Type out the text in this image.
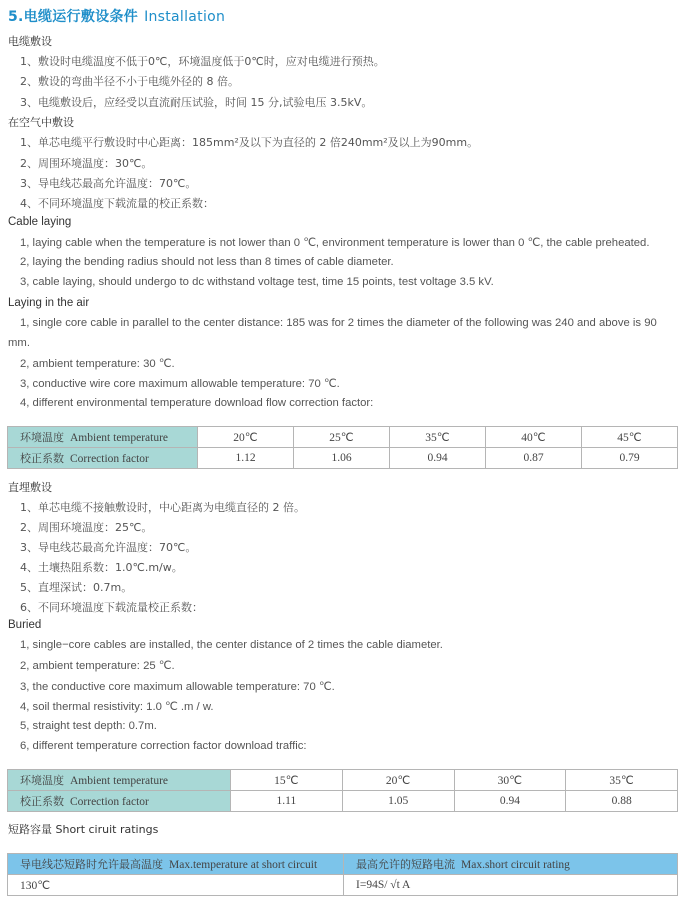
5.电缆运行敷设条件 Installation
电缆敷设
1、敷设时电缆温度不低于0℃，环境温度低于0℃时，应对电缆进行预热。
2、敷设的弯曲半径不小于电缆外径的 8 倍。
3、电缆敷设后，应经受以直流耐压试验，时间 15 分,试验电压 3.5kV。
在空气中敷设
1、单芯电缆平行敷设时中心距离：185mm²及以下为直径的 2 倍240mm²及以上为90mm。
2、周围环境温度：30℃。
3、导电线芯最高允许温度：70℃。
4、不同环境温度下载流量的校正系数：
Cable laying
1, laying cable when the temperature is not lower than 0 ℃, environment temperature is lower than 0 ℃, the cable preheated.
2, laying the bending radius should not less than 8 times of cable diameter.
3, cable laying, should undergo to dc withstand voltage test, time 15 points, test voltage 3.5 kV.
Laying in the air
1, single core cable in parallel to the center distance: 185 was for 2 times the diameter of the following was 240 and above is 90 mm.
2, ambient temperature: 30 ℃.
3, conductive wire core maximum allowable temperature: 70 ℃.
4, different environmental temperature download flow correction factor:
环境温度 Ambient temperature	20℃	25℃	35℃	40℃	45℃
校正系数 Correction factor	1.12	1.06	0.94	0.87	0.79
直埋敷设
1、单芯电缆不接触敷设时，中心距离为电缆直径的 2 倍。
2、周围环境温度：25℃。
3、导电线芯最高允许温度：70℃。
4、土壤热阻系数：1.0℃.m/w。
5、直埋深试：0.7m。
6、不同环境温度下载流量校正系数：
Buried
1, single−core cables are installed, the center distance of 2 times the cable diameter.
2, ambient temperature: 25 ℃.
3, the conductive core maximum allowable temperature: 70 ℃.
4, soil thermal resistivity: 1.0 ℃ .m / w.
5, straight test depth: 0.7m.
6, different temperature correction factor download traffic:
环境温度 Ambient temperature	15℃	20℃	30℃	35℃
校正系数 Correction factor	1.11	1.05	0.94	0.88
短路容量 Short ciruit ratings
导电线芯短路时允许最高温度 Max.temperature at short circuit	最高允许的短路电流 Max.short circuit rating
130℃	I=94S/ √t A
